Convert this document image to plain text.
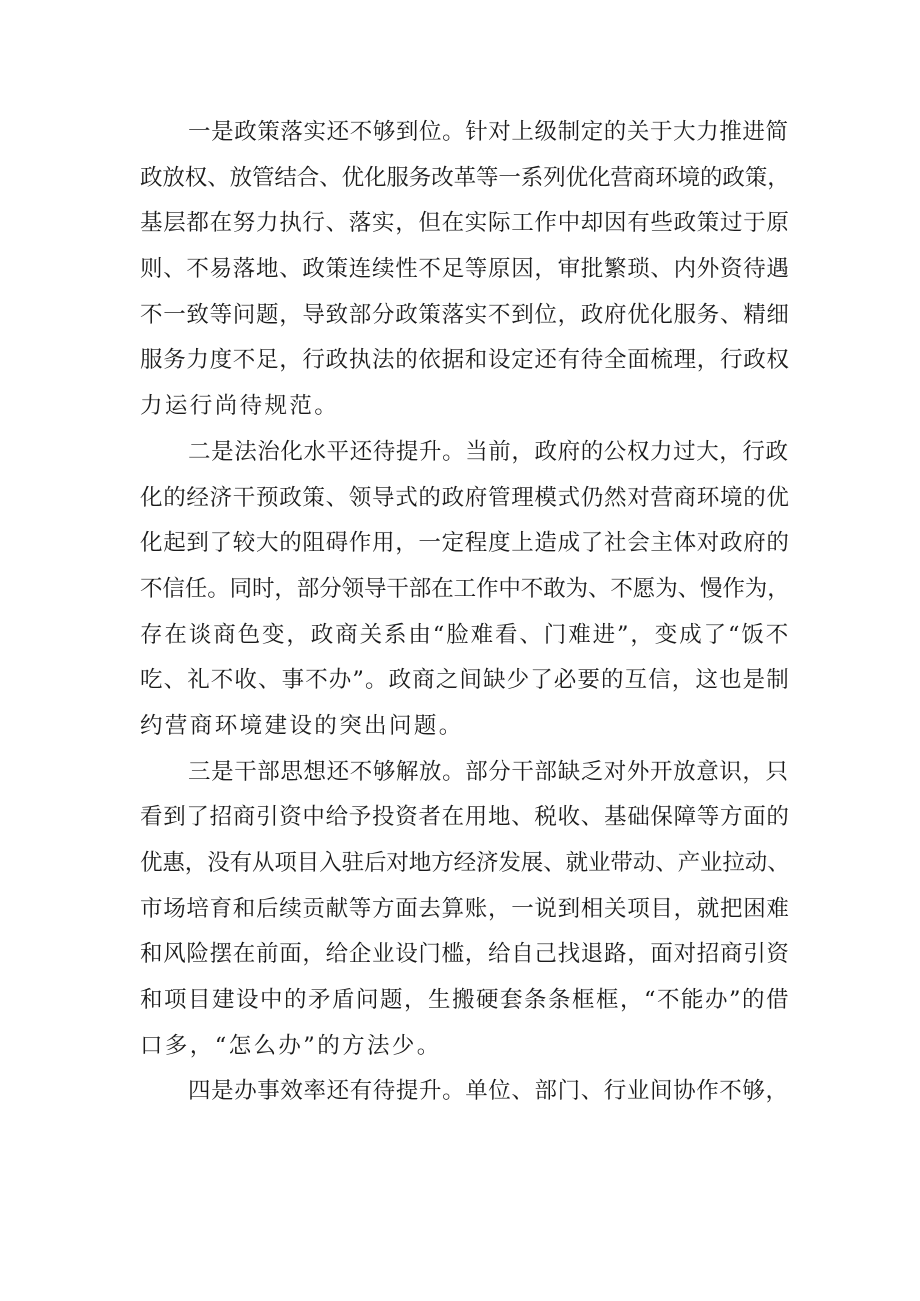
一是政策落实还不够到位。针对上级制定的关于大力推进简
政放权、放管结合、优化服务改革等一系列优化营商环境的政策，
基层都在努力执行、落实，但在实际工作中却因有些政策过于原
则、不易落地、政策连续性不足等原因，审批繁琐、内外资待遇
不一致等问题，导致部分政策落实不到位，政府优化服务、精细
服务力度不足，行政执法的依据和设定还有待全面梳理，行政权
力运行尚待规范。
二是法治化水平还待提升。当前，政府的公权力过大，行政
化的经济干预政策、领导式的政府管理模式仍然对营商环境的优
化起到了较大的阻碍作用，一定程度上造成了社会主体对政府的
不信任。同时，部分领导干部在工作中不敢为、不愿为、慢作为，
存在谈商色变，政商关系由“脸难看、门难进”，变成了“饭不
吃、礼不收、事不办”。政商之间缺少了必要的互信，这也是制
约营商环境建设的突出问题。
三是干部思想还不够解放。部分干部缺乏对外开放意识，只
看到了招商引资中给予投资者在用地、税收、基础保障等方面的
优惠，没有从项目入驻后对地方经济发展、就业带动、产业拉动、
市场培育和后续贡献等方面去算账，一说到相关项目，就把困难
和风险摆在前面，给企业设门槛，给自己找退路，面对招商引资
和项目建设中的矛盾问题，生搬硬套条条框框，“不能办”的借
口多，“怎么办”的方法少。
四是办事效率还有待提升。单位、部门、行业间协作不够，
